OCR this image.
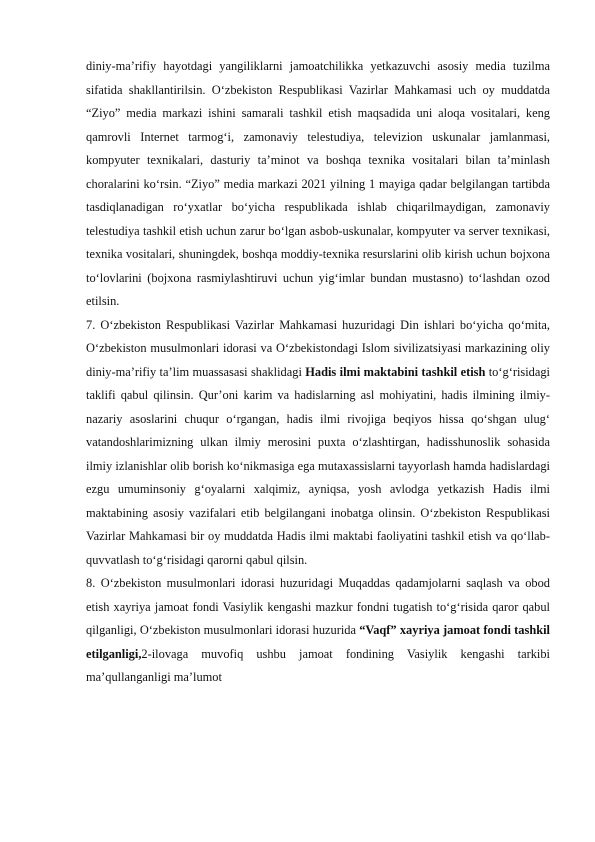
diniy-ma’rifiy hayotdagi yangiliklarni jamoatchilikka yetkazuvchi asosiy media tuzilma sifatida shakllantirilsin. O‘zbekiston Respublikasi Vazirlar Mahkamasi uch oy muddatda “Ziyo” media markazi ishini samarali tashkil etish maqsadida uni aloqa vositalari, keng qamrovli Internet tarmog‘i, zamonaviy telestudiya, televizion uskunalar jamlanmasi, kompyuter texnikalari, dasturiy ta’minot va boshqa texnika vositalari bilan ta’minlash choralarini ko‘rsin. “Ziyo” media markazi 2021 yilning 1 mayiga qadar belgilangan tartibda tasdiqlanadigan ro‘yxatlar bo‘yicha respublikada ishlab chiqarilmaydigan, zamonaviy telestudiya tashkil etish uchun zarur bo‘lgan asbob-uskunalar, kompyuter va server texnikasi, texnika vositalari, shuningdek, boshqa moddiy-texnika resurslarini olib kirish uchun bojxona to‘lovlarini (bojxona rasmiylashtiruvi uchun yig‘imlar bundan mustasno) to‘lashdan ozod etilsin.

7. O‘zbekiston Respublikasi Vazirlar Mahkamasi huzuridagi Din ishlari bo‘yicha qo‘mita, O‘zbekiston musulmonlari idorasi va O‘zbekistondagi Islom sivilizatsiyasi markazining oliy diniy-ma’rifiy ta’lim muassasasi shaklidagi Hadis ilmi maktabini tashkil etish to‘g‘risidagi taklifi qabul qilinsin. Qur’oni karim va hadislarning asl mohiyatini, hadis ilmining ilmiy-nazariy asoslarini chuqur o‘rgangan, hadis ilmi rivojiga beqiyos hissa qo‘shgan ulug‘ vatandoshlarimizning ulkan ilmiy merosini puxta o‘zlashtirgan, hadisshunoslik sohasida ilmiy izlanishlar olib borish ko‘nikmasiga ega mutaxassislarni tayyorlash hamda hadislardagi ezgu umuminsoniy g‘oyalarni xalqimiz, ayniqsa, yosh avlodga yetkazish Hadis ilmi maktabining asosiy vazifalari etib belgilangani inobatga olinsin. O‘zbekiston Respublikasi Vazirlar Mahkamasi bir oy muddatda Hadis ilmi maktabi faoliyatini tashkil etish va qo‘llab-quvvatlash to‘g‘risidagi qarorni qabul qilsin.

8. O‘zbekiston musulmonlari idorasi huzuridagi Muqaddas qadamjolarni saqlash va obod etish xayriya jamoat fondi Vasiylik kengashi mazkur fondni tugatish to‘g‘risida qaror qabul qilganligi, O‘zbekiston musulmonlari idorasi huzurida “Vaqf” xayriya jamoat fondi tashkil etilganligi,2-ilovaga muvofiq ushbu jamoat fondining Vasiylik kengashi tarkibi ma’qullanganligi ma’lumot
